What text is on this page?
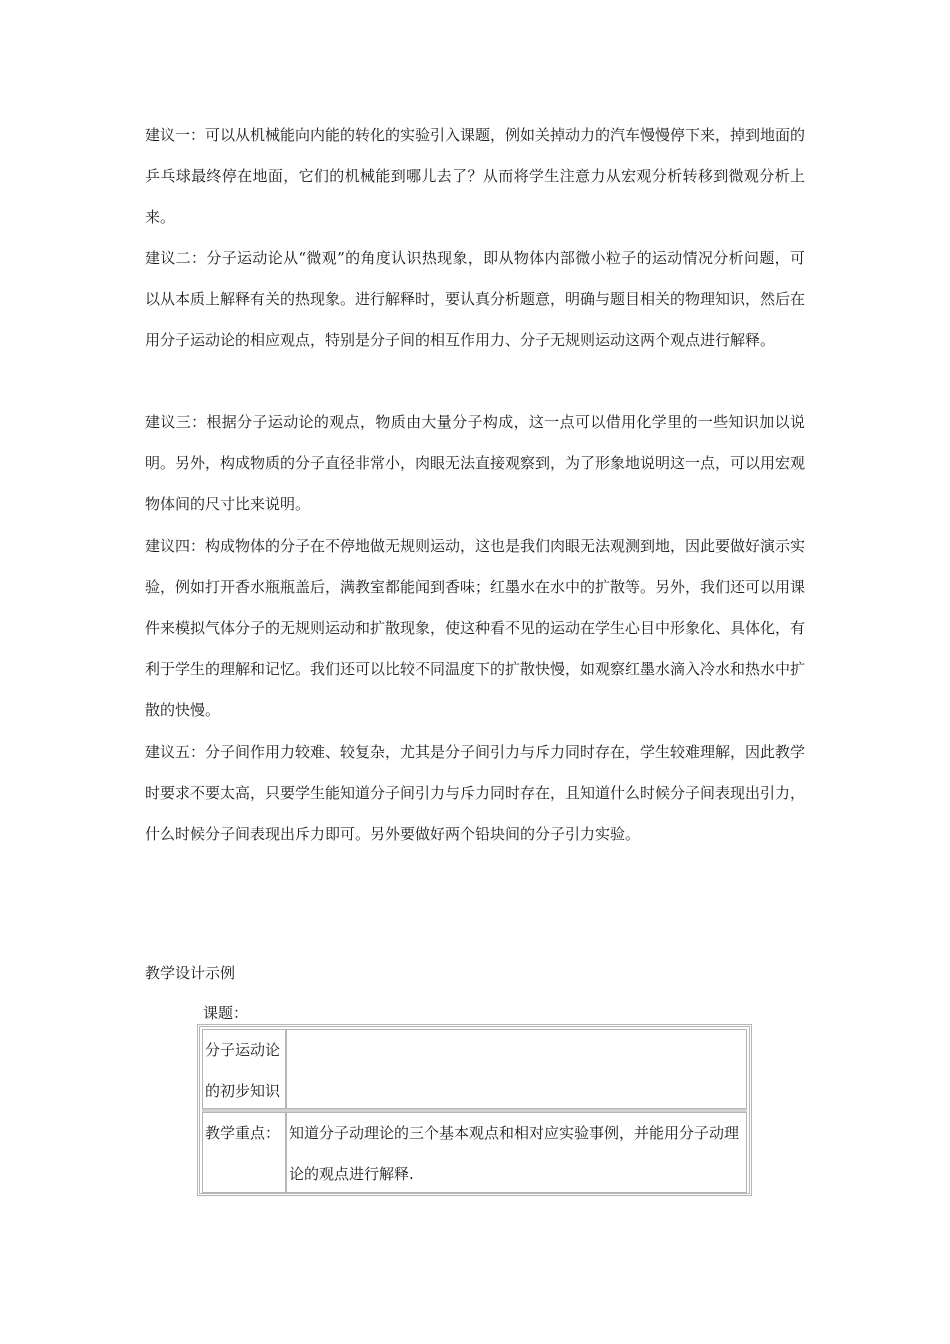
建议一：可以从机械能向内能的转化的实验引入课题，例如关掉动力的汽车慢慢停下来，掉到地面的乒乓球最终停在地面，它们的机械能到哪儿去了？从而将学生注意力从宏观分析转移到微观分析上来。

建议二：分子运动论从“微观”的角度认识热现象，即从物体内部微小粒子的运动情况分析问题，可以从本质上解释有关的热现象。进行解释时，要认真分析题意，明确与题目相关的物理知识，然后在用分子运动论的相应观点，特别是分子间的相互作用力、分子无规则运动这两个观点进行解释。

建议三：根据分子运动论的观点，物质由大量分子构成，这一点可以借用化学里的一些知识加以说明。另外，构成物质的分子直径非常小，肉眼无法直接观察到，为了形象地说明这一点，可以用宏观物体间的尺寸比来说明。

建议四：构成物体的分子在不停地做无规则运动，这也是我们肉眼无法观测到地，因此要做好演示实验，例如打开香水瓶瓶盖后，满教室都能闻到香味；红墨水在水中的扩散等。另外，我们还可以用课件来模拟气体分子的无规则运动和扩散现象，使这种看不见的运动在学生心目中形象化、具体化，有利于学生的理解和记忆。我们还可以比较不同温度下的扩散快慢，如观察红墨水滴入冷水和热水中扩散的快慢。

建议五：分子间作用力较难、较复杂，尤其是分子间引力与斥力同时存在，学生较难理解，因此教学时要求不要太高，只要学生能知道分子间引力与斥力同时存在，且知道什么时候分子间表现出引力，什么时候分子间表现出斥力即可。另外要做好两个铅块间的分子引力实验。

教学设计示例

课题：

分子运动论的初步知识
教学重点： 知道分子动理论的三个基本观点和相对应实验事例，并能用分子动理论的观点进行解释.
